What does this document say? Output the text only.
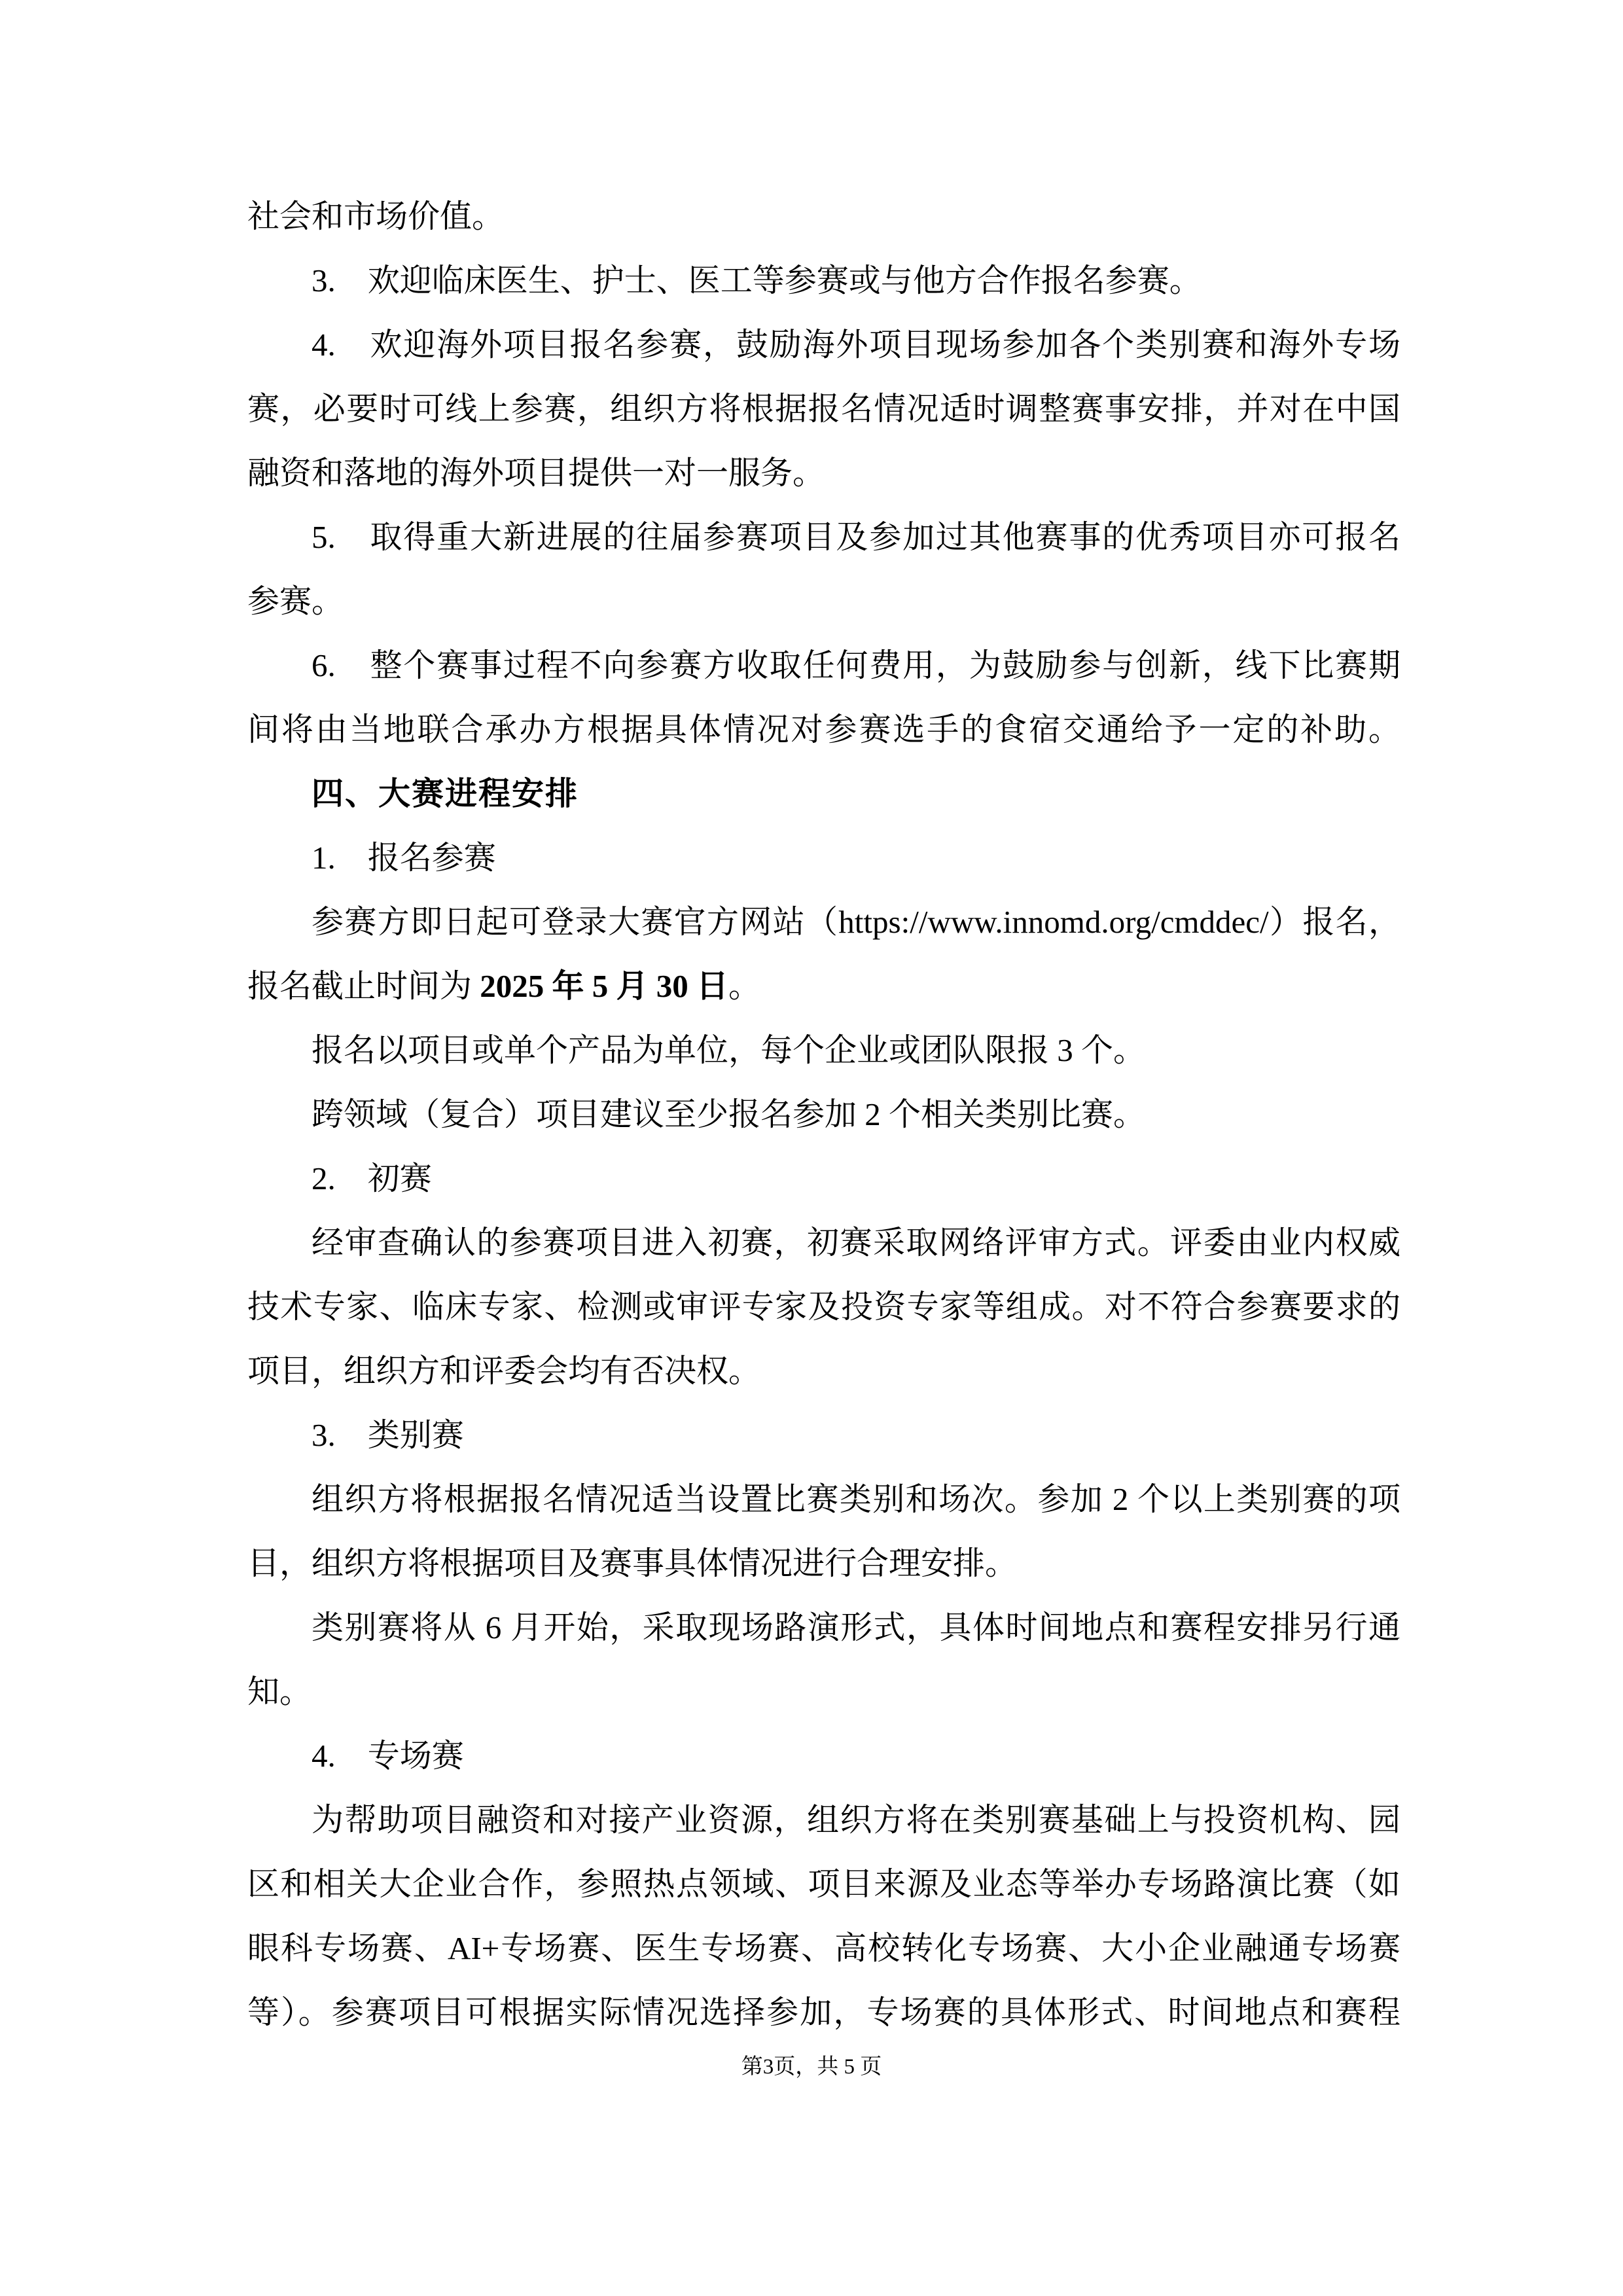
社会和市场价值。

3.　欢迎临床医生、护士、医工等参赛或与他方合作报名参赛。

4.　欢迎海外项目报名参赛，鼓励海外项目现场参加各个类别赛和海外专场

赛，必要时可线上参赛，组织方将根据报名情况适时调整赛事安排，并对在中国

融资和落地的海外项目提供一对一服务。

5.　取得重大新进展的往届参赛项目及参加过其他赛事的优秀项目亦可报名

参赛。

6.　整个赛事过程不向参赛方收取任何费用，为鼓励参与创新，线下比赛期

间将由当地联合承办方根据具体情况对参赛选手的食宿交通给予一定的补助。

四、大赛进程安排

1.　报名参赛

参赛方即日起可登录大赛官方网站（https://www.innomd.org/cmddec/）报名，

报名截止时间为 2025 年 5 月 30 日。

报名以项目或单个产品为单位，每个企业或团队限报 3 个。

跨领域（复合）项目建议至少报名参加 2 个相关类别比赛。

2.　初赛

经审查确认的参赛项目进入初赛，初赛采取网络评审方式。评委由业内权威

技术专家、临床专家、检测或审评专家及投资专家等组成。对不符合参赛要求的

项目，组织方和评委会均有否决权。

3.　类别赛

组织方将根据报名情况适当设置比赛类别和场次。参加 2 个以上类别赛的项

目，组织方将根据项目及赛事具体情况进行合理安排。

类别赛将从 6 月开始，采取现场路演形式，具体时间地点和赛程安排另行通

知。

4.　专场赛

为帮助项目融资和对接产业资源，组织方将在类别赛基础上与投资机构、园

区和相关大企业合作，参照热点领域、项目来源及业态等举办专场路演比赛（如

眼科专场赛、AI+专场赛、医生专场赛、高校转化专场赛、大小企业融通专场赛

等）。参赛项目可根据实际情况选择参加，专场赛的具体形式、时间地点和赛程

第3页，共 5 页
